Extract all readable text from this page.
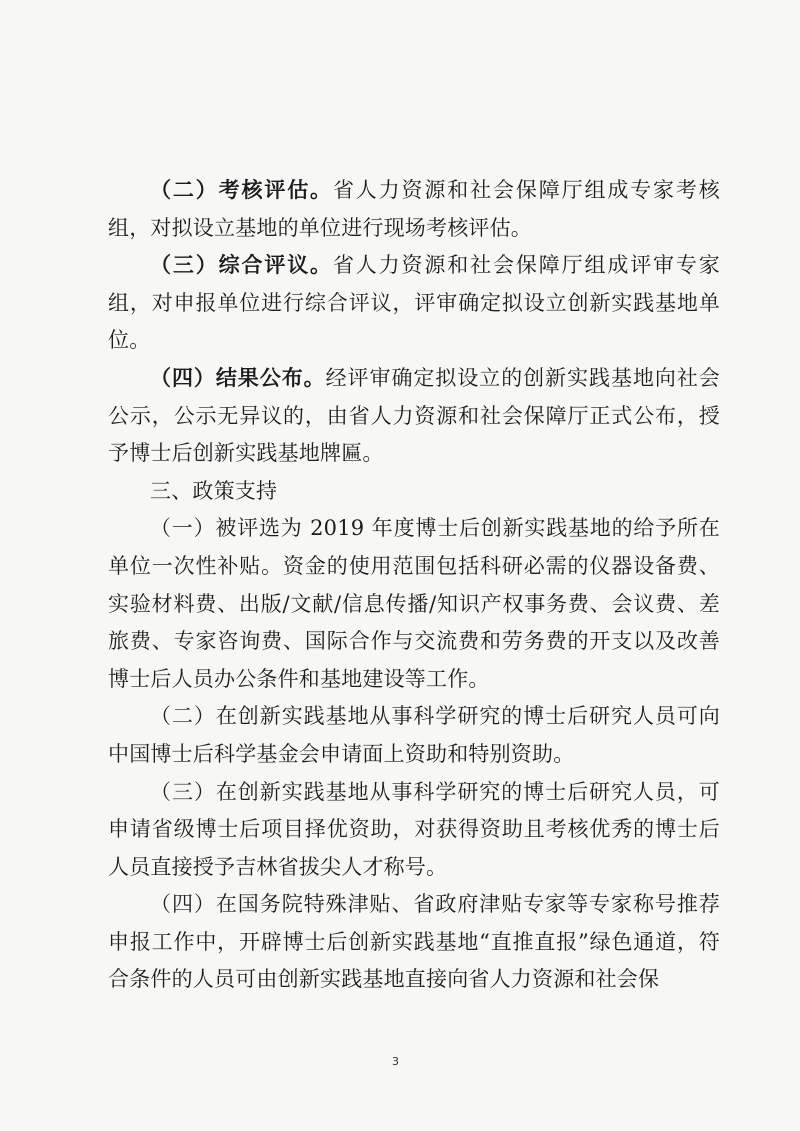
（二）考核评估。省人力资源和社会保障厅组成专家考核组，对拟设立基地的单位进行现场考核评估。

（三）综合评议。省人力资源和社会保障厅组成评审专家组，对申报单位进行综合评议，评审确定拟设立创新实践基地单位。

（四）结果公布。经评审确定拟设立的创新实践基地向社会公示，公示无异议的，由省人力资源和社会保障厅正式公布，授予博士后创新实践基地牌匾。

三、政策支持

（一）被评选为 2019 年度博士后创新实践基地的给予所在单位一次性补贴。资金的使用范围包括科研必需的仪器设备费、实验材料费、出版/文献/信息传播/知识产权事务费、会议费、差旅费、专家咨询费、国际合作与交流费和劳务费的开支以及改善博士后人员办公条件和基地建设等工作。

（二）在创新实践基地从事科学研究的博士后研究人员可向中国博士后科学基金会申请面上资助和特别资助。

（三）在创新实践基地从事科学研究的博士后研究人员，可申请省级博士后项目择优资助，对获得资助且考核优秀的博士后人员直接授予吉林省拔尖人才称号。

（四）在国务院特殊津贴、省政府津贴专家等专家称号推荐申报工作中，开辟博士后创新实践基地“直推直报”绿色通道，符合条件的人员可由创新实践基地直接向省人力资源和社会保

3
